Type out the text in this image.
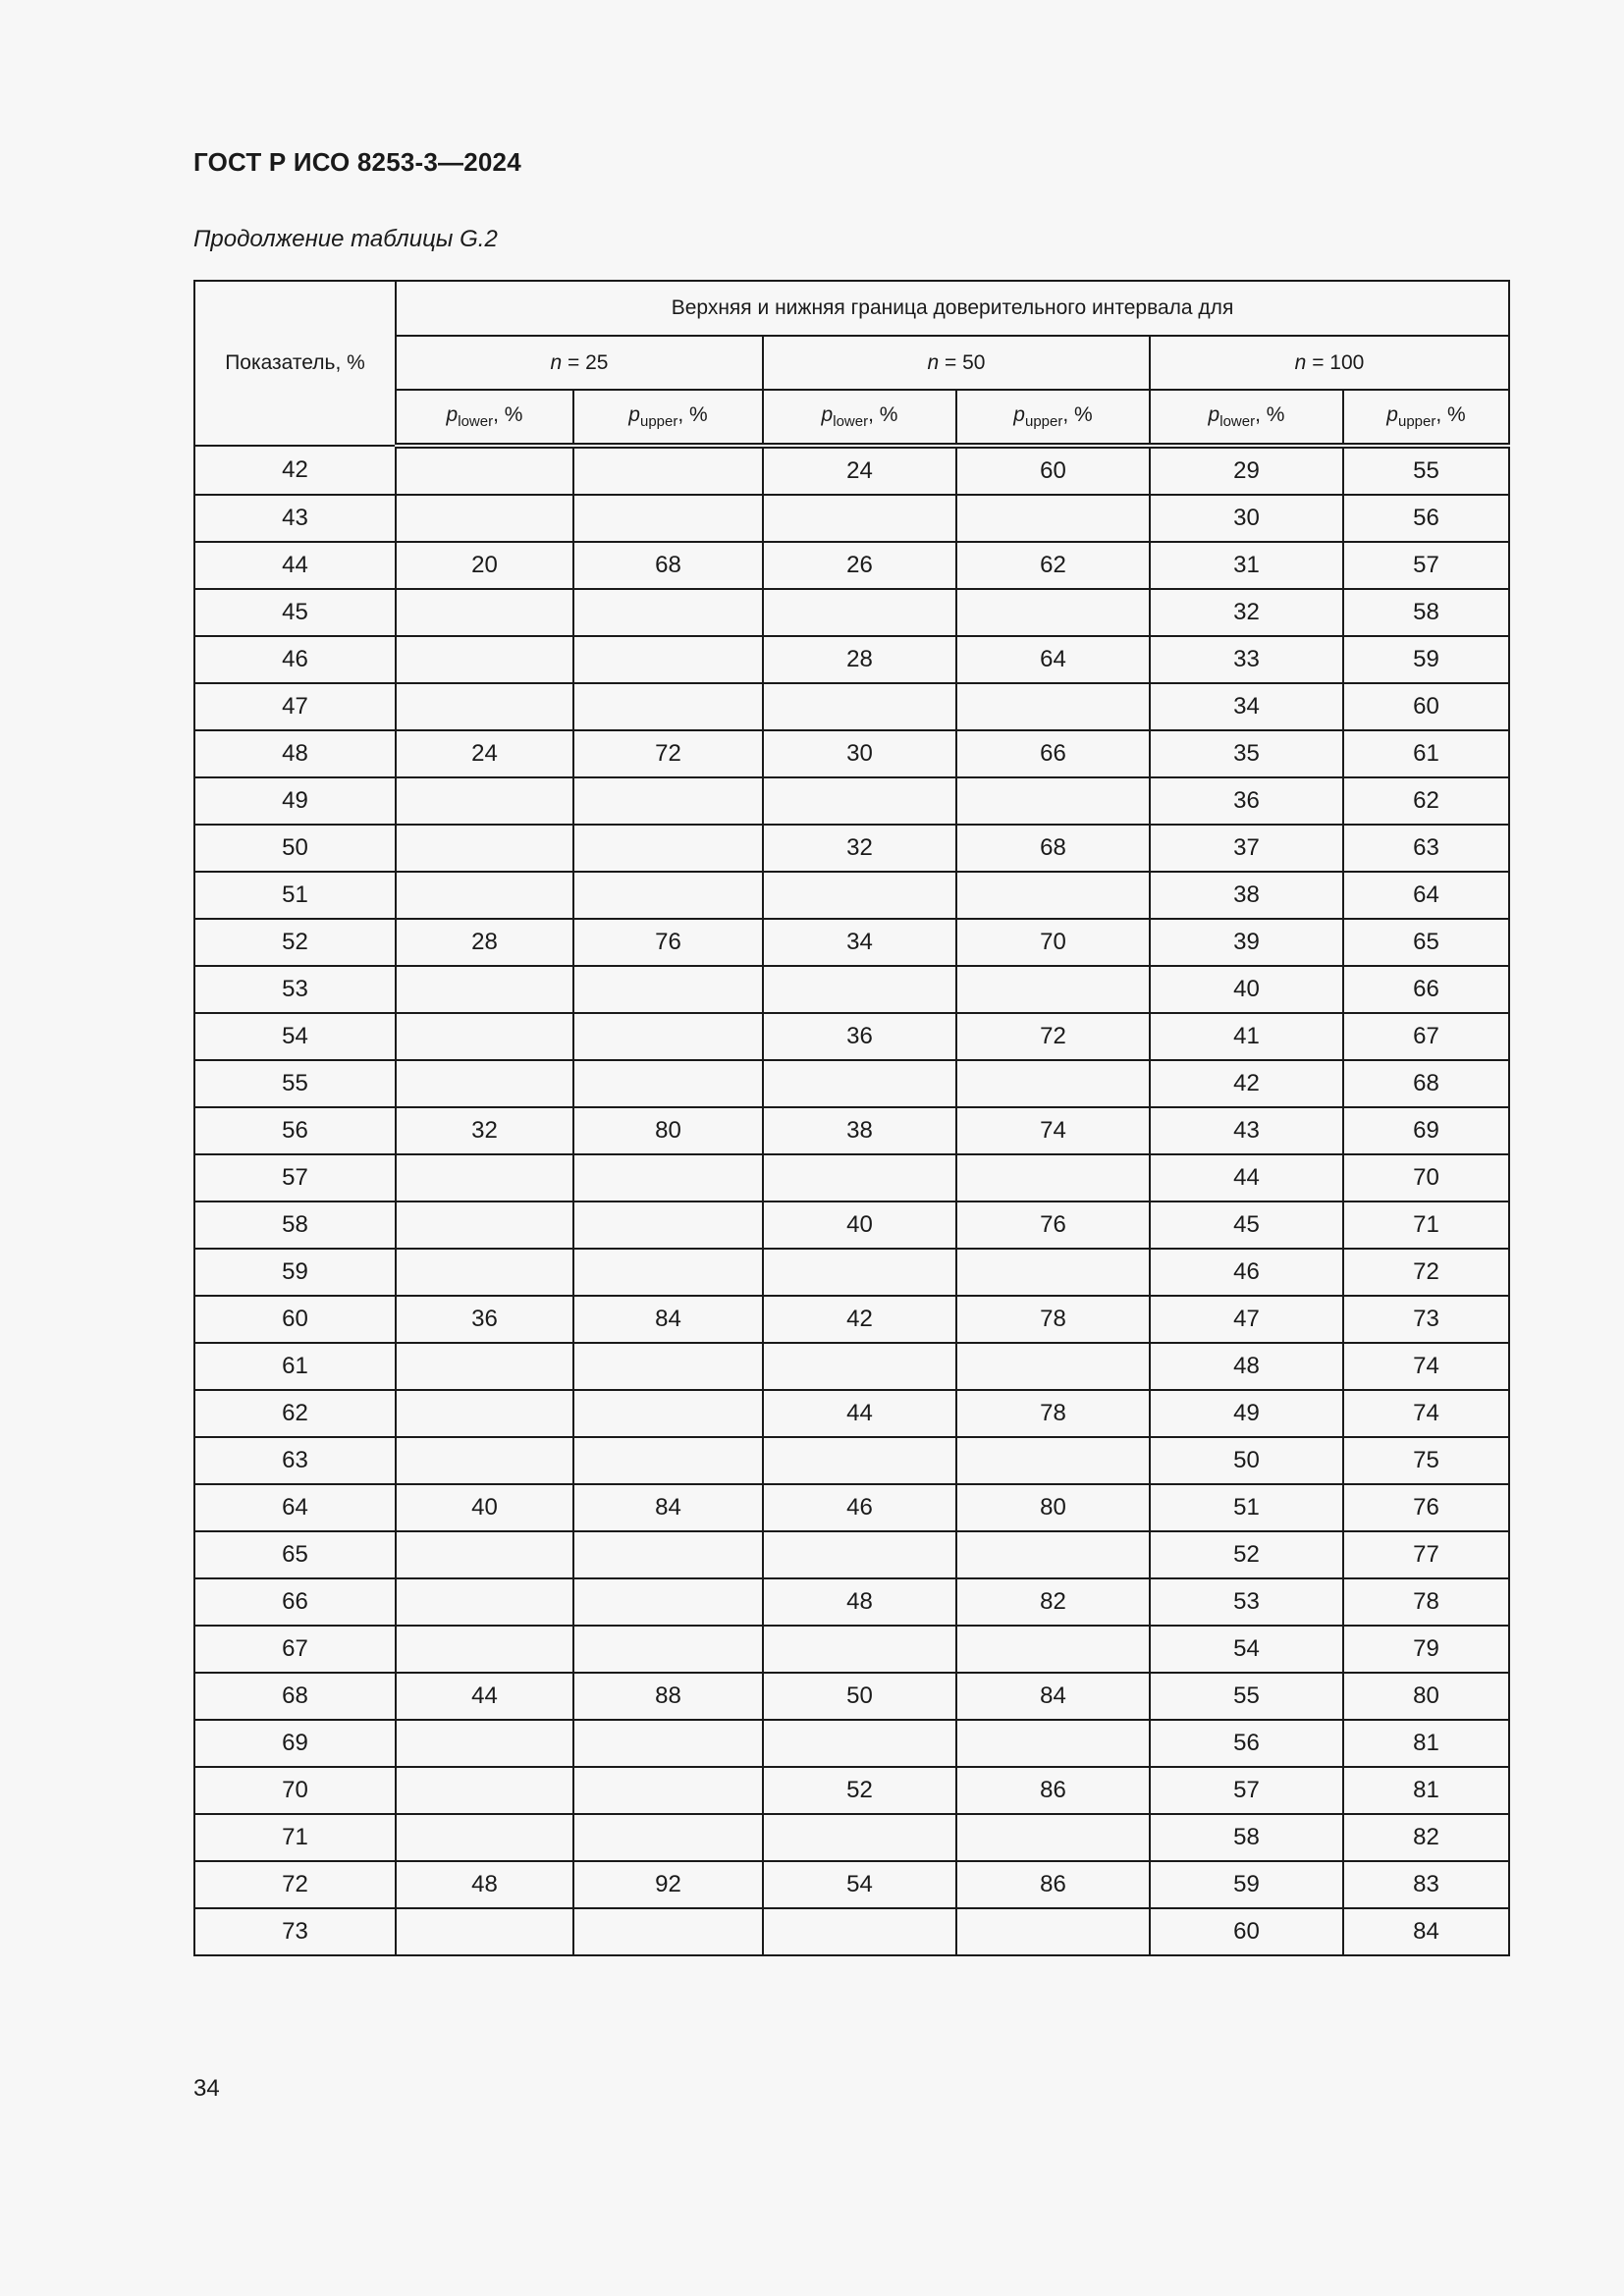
ГОСТ Р ИСО 8253-3—2024
Продолжение таблицы G.2
Показатель, %	Верхняя и нижняя граница доверительного интервала для					
	n = 25		n = 50		n = 100	
	$p_{lower}$, %	$p_{upper}$, %	$p_{lower}$, %	$p_{upper}$, %	$p_{lower}$, %	$p_{upper}$, %
42			24	60	29	55
43					30	56
44	20	68	26	62	31	57
45					32	58
46			28	64	33	59
47					34	60
48	24	72	30	66	35	61
49					36	62
50			32	68	37	63
51					38	64
52	28	76	34	70	39	65
53					40	66
54			36	72	41	67
55					42	68
56	32	80	38	74	43	69
57					44	70
58			40	76	45	71
59					46	72
60	36	84	42	78	47	73
61					48	74
62			44	78	49	74
63					50	75
64	40	84	46	80	51	76
65					52	77
66			48	82	53	78
67					54	79
68	44	88	50	84	55	80
69					56	81
70			52	86	57	81
71					58	82
72	48	92	54	86	59	83
73					60	84
34
